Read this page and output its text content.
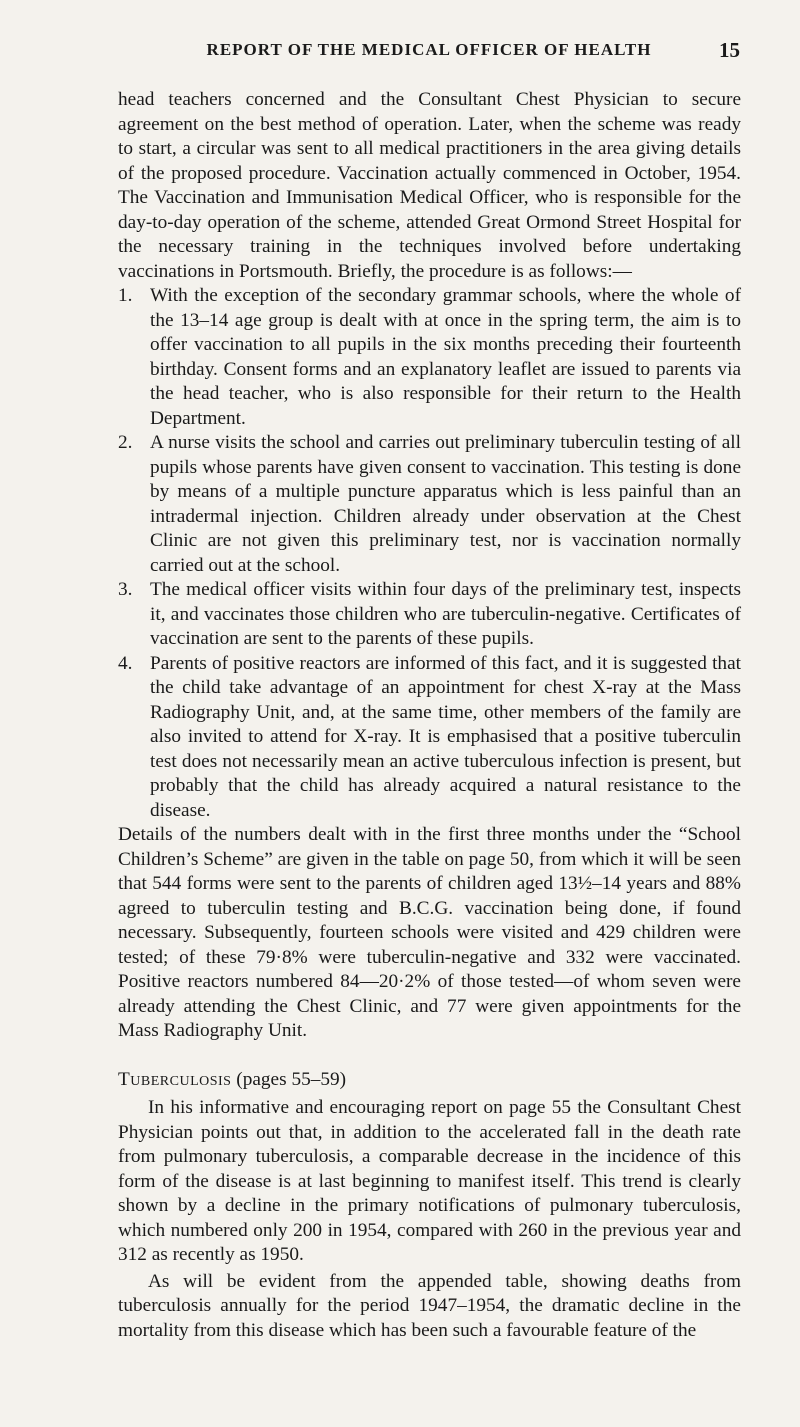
REPORT OF THE MEDICAL OFFICER OF HEALTH	15

head teachers concerned and the Consultant Chest Physician to secure agreement on the best method of operation. Later, when the scheme was ready to start, a circular was sent to all medical practitioners in the area giving details of the proposed procedure. Vaccination actually commenced in October, 1954. The Vaccination and Immunisation Medical Officer, who is responsible for the day-to-day operation of the scheme, attended Great Ormond Street Hospital for the necessary training in the techniques involved before undertaking vaccinations in Portsmouth. Briefly, the procedure is as follows:—

1. With the exception of the secondary grammar schools, where the whole of the 13–14 age group is dealt with at once in the spring term, the aim is to offer vaccination to all pupils in the six months preceding their fourteenth birthday. Consent forms and an explanatory leaflet are issued to parents via the head teacher, who is also responsible for their return to the Health Department.
2. A nurse visits the school and carries out preliminary tuberculin testing of all pupils whose parents have given consent to vaccination. This testing is done by means of a multiple puncture apparatus which is less painful than an intradermal injection. Children already under observation at the Chest Clinic are not given this preliminary test, nor is vaccination normally carried out at the school.
3. The medical officer visits within four days of the preliminary test, inspects it, and vaccinates those children who are tuberculin-negative. Certificates of vaccination are sent to the parents of these pupils.
4. Parents of positive reactors are informed of this fact, and it is suggested that the child take advantage of an appointment for chest X-ray at the Mass Radiography Unit, and, at the same time, other members of the family are also invited to attend for X-ray. It is emphasised that a positive tuberculin test does not necessarily mean an active tuberculous infection is present, but probably that the child has already acquired a natural resistance to the disease.

Details of the numbers dealt with in the first three months under the “School Children’s Scheme” are given in the table on page 50, from which it will be seen that 544 forms were sent to the parents of children aged 13½–14 years and 88% agreed to tuberculin testing and B.C.G. vaccination being done, if found necessary. Subsequently, fourteen schools were visited and 429 children were tested; of these 79·8% were tuberculin-negative and 332 were vaccinated. Positive reactors numbered 84—20·2% of those tested—of whom seven were already attending the Chest Clinic, and 77 were given appointments for the Mass Radiography Unit.

Tuberculosis (pages 55–59)

In his informative and encouraging report on page 55 the Consultant Chest Physician points out that, in addition to the accelerated fall in the death rate from pulmonary tuberculosis, a comparable decrease in the incidence of this form of the disease is at last beginning to manifest itself. This trend is clearly shown by a decline in the primary notifications of pulmonary tuberculosis, which numbered only 200 in 1954, compared with 260 in the previous year and 312 as recently as 1950.

As will be evident from the appended table, showing deaths from tuberculosis annually for the period 1947–1954, the dramatic decline in the mortality from this disease which has been such a favourable feature of the
